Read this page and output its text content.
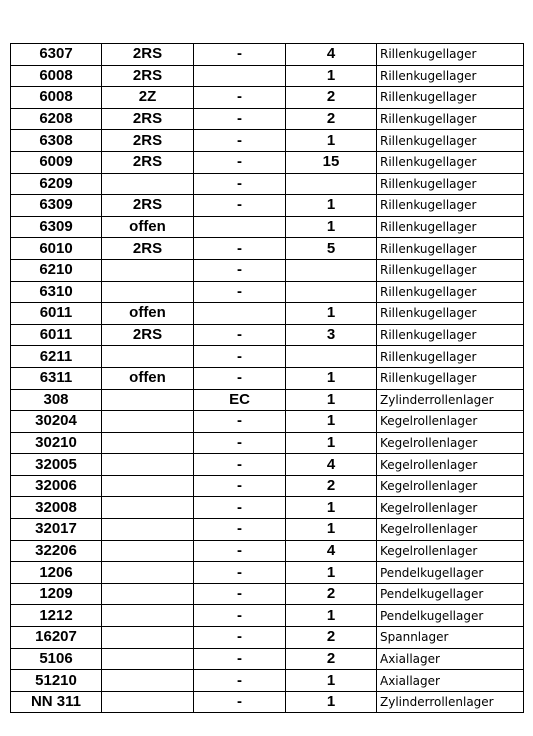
6307	2RS	-	4	Rillenkugellager
6008	2RS		1	Rillenkugellager
6008	2Z	-	2	Rillenkugellager
6208	2RS	-	2	Rillenkugellager
6308	2RS	-	1	Rillenkugellager
6009	2RS	-	15	Rillenkugellager
6209		-		Rillenkugellager
6309	2RS	-	1	Rillenkugellager
6309	offen		1	Rillenkugellager
6010	2RS	-	5	Rillenkugellager
6210		-		Rillenkugellager
6310		-		Rillenkugellager
6011	offen		1	Rillenkugellager
6011	2RS	-	3	Rillenkugellager
6211		-		Rillenkugellager
6311	offen	-	1	Rillenkugellager
308		EC	1	Zylinderrollenlager
30204		-	1	Kegelrollenlager
30210		-	1	Kegelrollenlager
32005		-	4	Kegelrollenlager
32006		-	2	Kegelrollenlager
32008		-	1	Kegelrollenlager
32017		-	1	Kegelrollenlager
32206		-	4	Kegelrollenlager
1206		-	1	Pendelkugellager
1209		-	2	Pendelkugellager
1212		-	1	Pendelkugellager
16207		-	2	Spannlager
5106		-	2	Axiallager
51210		-	1	Axiallager
NN 311		-	1	Zylinderrollenlager
